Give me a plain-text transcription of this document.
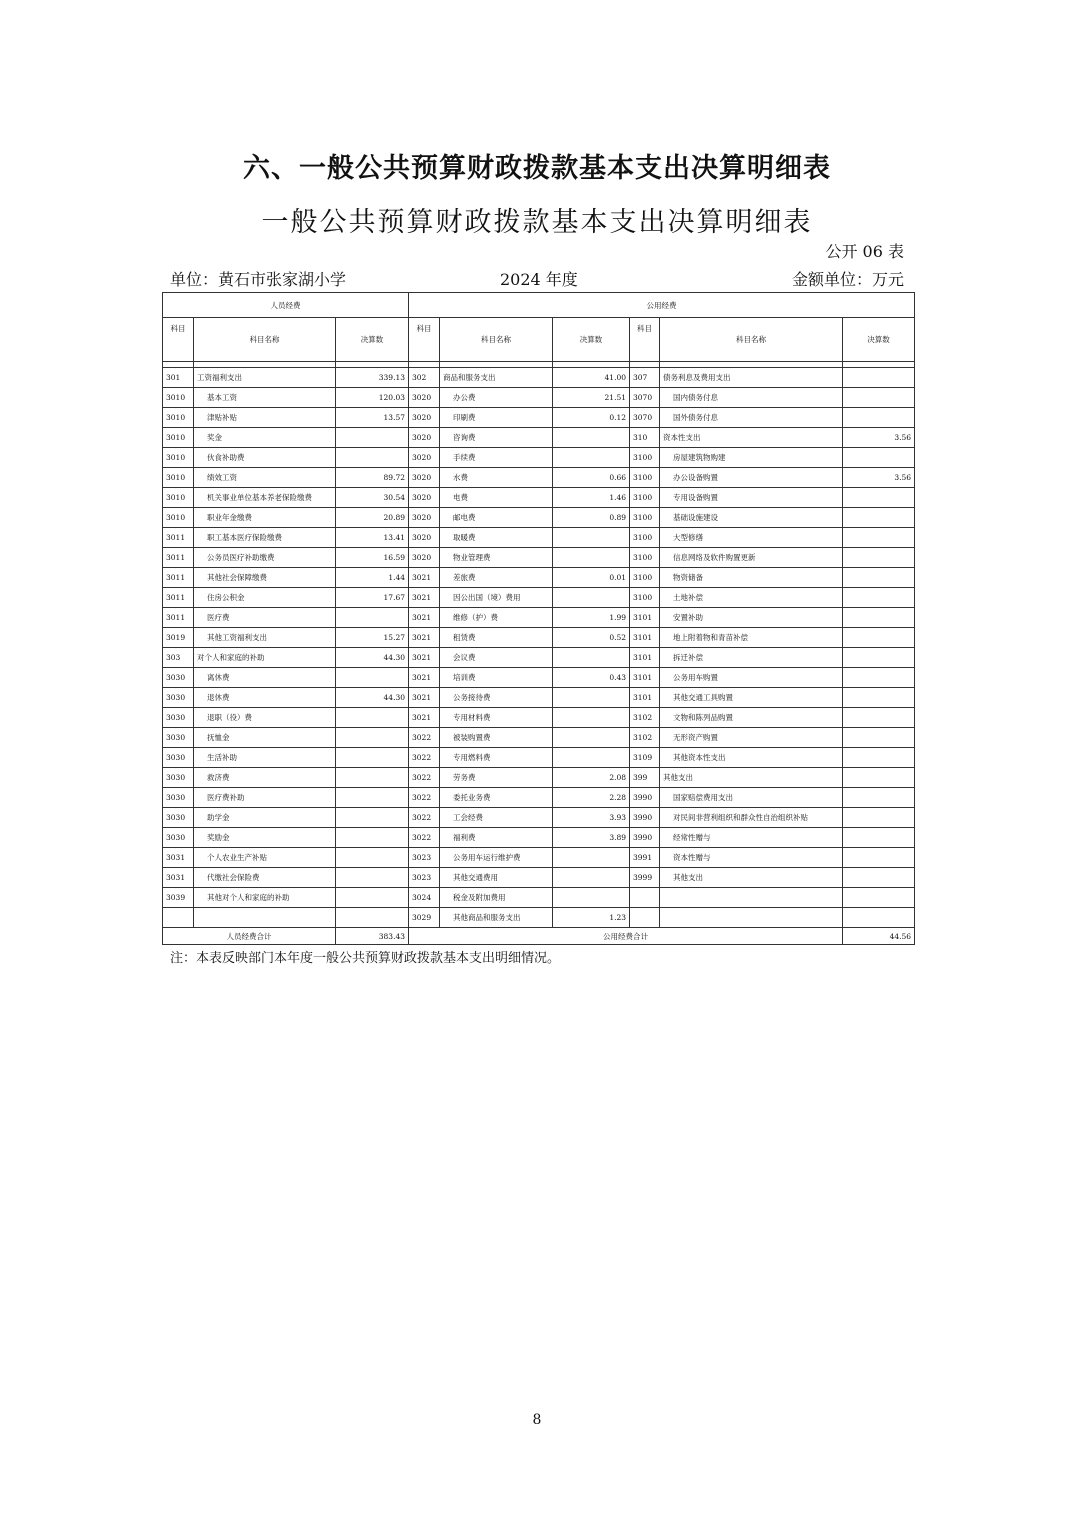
六、一般公共预算财政拨款基本支出决算明细表
一般公共预算财政拨款基本支出决算明细表
公开 06 表
单位：黄石市张家湖小学	2024 年度	金额单位：万元
人员经费			公用经费					
科目	科目名称	决算数	科目	科目名称	决算数	科目	科目名称	决算数

301	工资福利支出	339.13	302	商品和服务支出	41.00	307	债务利息及费用支出	
3010	基本工资	120.03	3020	办公费	21.51	3070	国内债务付息	
3010	津贴补贴	13.57	3020	印刷费	0.12	3070	国外债务付息	
3010	奖金		3020	咨询费		310	资本性支出	3.56
3010	伙食补助费		3020	手续费		3100	房屋建筑物购建	
3010	绩效工资	89.72	3020	水费	0.66	3100	办公设备购置	3.56
3010	机关事业单位基本养老保险缴费	30.54	3020	电费	1.46	3100	专用设备购置	
3010	职业年金缴费	20.89	3020	邮电费	0.89	3100	基础设施建设	
3011	职工基本医疗保险缴费	13.41	3020	取暖费		3100	大型修缮	
3011	公务员医疗补助缴费	16.59	3020	物业管理费		3100	信息网络及软件购置更新	
3011	其他社会保障缴费	1.44	3021	差旅费	0.01	3100	物资储备	
3011	住房公积金	17.67	3021	因公出国（境）费用		3100	土地补偿	
3011	医疗费		3021	维修（护）费	1.99	3101	安置补助	
3019	其他工资福利支出	15.27	3021	租赁费	0.52	3101	地上附着物和青苗补偿	
303	对个人和家庭的补助	44.30	3021	会议费		3101	拆迁补偿	
3030	离休费		3021	培训费	0.43	3101	公务用车购置	
3030	退休费	44.30	3021	公务接待费		3101	其他交通工具购置	
3030	退职（役）费		3021	专用材料费		3102	文物和陈列品购置	
3030	抚恤金		3022	被装购置费		3102	无形资产购置	
3030	生活补助		3022	专用燃料费		3109	其他资本性支出	
3030	救济费		3022	劳务费	2.08	399	其他支出	
3030	医疗费补助		3022	委托业务费	2.28	3990	国家赔偿费用支出	
3030	助学金		3022	工会经费	3.93	3990	对民间非营利组织和群众性自治组织补贴	
3030	奖励金		3022	福利费	3.89	3990	经常性赠与	
3031	个人农业生产补贴		3023	公务用车运行维护费		3991	资本性赠与	
3031	代缴社会保险费		3023	其他交通费用		3999	其他支出	
3039	其他对个人和家庭的补助		3024	税金及附加费用				
			3029	其他商品和服务支出	1.23			
人员经费合计		383.43	公用经费合计					44.56
注：本表反映部门本年度一般公共预算财政拨款基本支出明细情况。
8
